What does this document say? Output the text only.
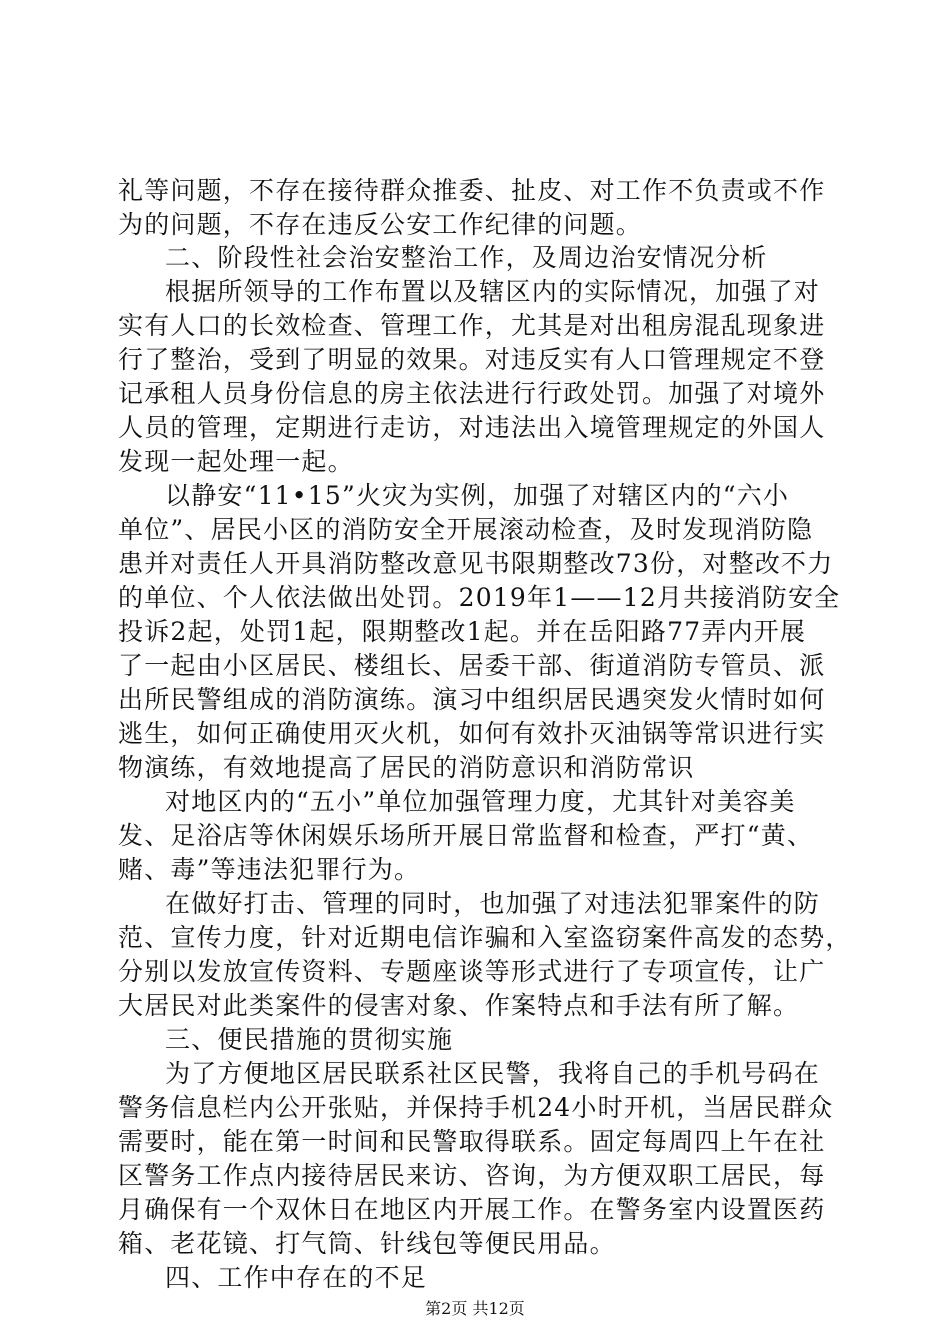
礼等问题，不存在接待群众推委、扯皮、对工作不负责或不作
为的问题，不存在违反公安工作纪律的问题。
二、阶段性社会治安整治工作，及周边治安情况分析
根据所领导的工作布置以及辖区内的实际情况，加强了对
实有人口的长效检查、管理工作，尤其是对出租房混乱现象进
行了整治，受到了明显的效果。对违反实有人口管理规定不登
记承租人员身份信息的房主依法进行行政处罚。加强了对境外
人员的管理，定期进行走访，对违法出入境管理规定的外国人
发现一起处理一起。
以静安“11•15”火灾为实例，加强了对辖区内的“六小
单位”、居民小区的消防安全开展滚动检查，及时发现消防隐
患并对责任人开具消防整改意见书限期整改73份，对整改不力
的单位、个人依法做出处罚。2019年1——12月共接消防安全
投诉2起，处罚1起，限期整改1起。并在岳阳路77弄内开展
了一起由小区居民、楼组长、居委干部、街道消防专管员、派
出所民警组成的消防演练。演习中组织居民遇突发火情时如何
逃生，如何正确使用灭火机，如何有效扑灭油锅等常识进行实
物演练，有效地提高了居民的消防意识和消防常识
对地区内的“五小”单位加强管理力度，尤其针对美容美
发、足浴店等休闲娱乐场所开展日常监督和检查，严打“黄、
赌、毒”等违法犯罪行为。
在做好打击、管理的同时，也加强了对违法犯罪案件的防
范、宣传力度，针对近期电信诈骗和入室盗窃案件高发的态势，
分别以发放宣传资料、专题座谈等形式进行了专项宣传，让广
大居民对此类案件的侵害对象、作案特点和手法有所了解。
三、便民措施的贯彻实施
为了方便地区居民联系社区民警，我将自己的手机号码在
警务信息栏内公开张贴，并保持手机24小时开机，当居民群众
需要时，能在第一时间和民警取得联系。固定每周四上午在社
区警务工作点内接待居民来访、咨询，为方便双职工居民，每
月确保有一个双休日在地区内开展工作。在警务室内设置医药
箱、老花镜、打气筒、针线包等便民用品。
四、工作中存在的不足
第2页 共12页
